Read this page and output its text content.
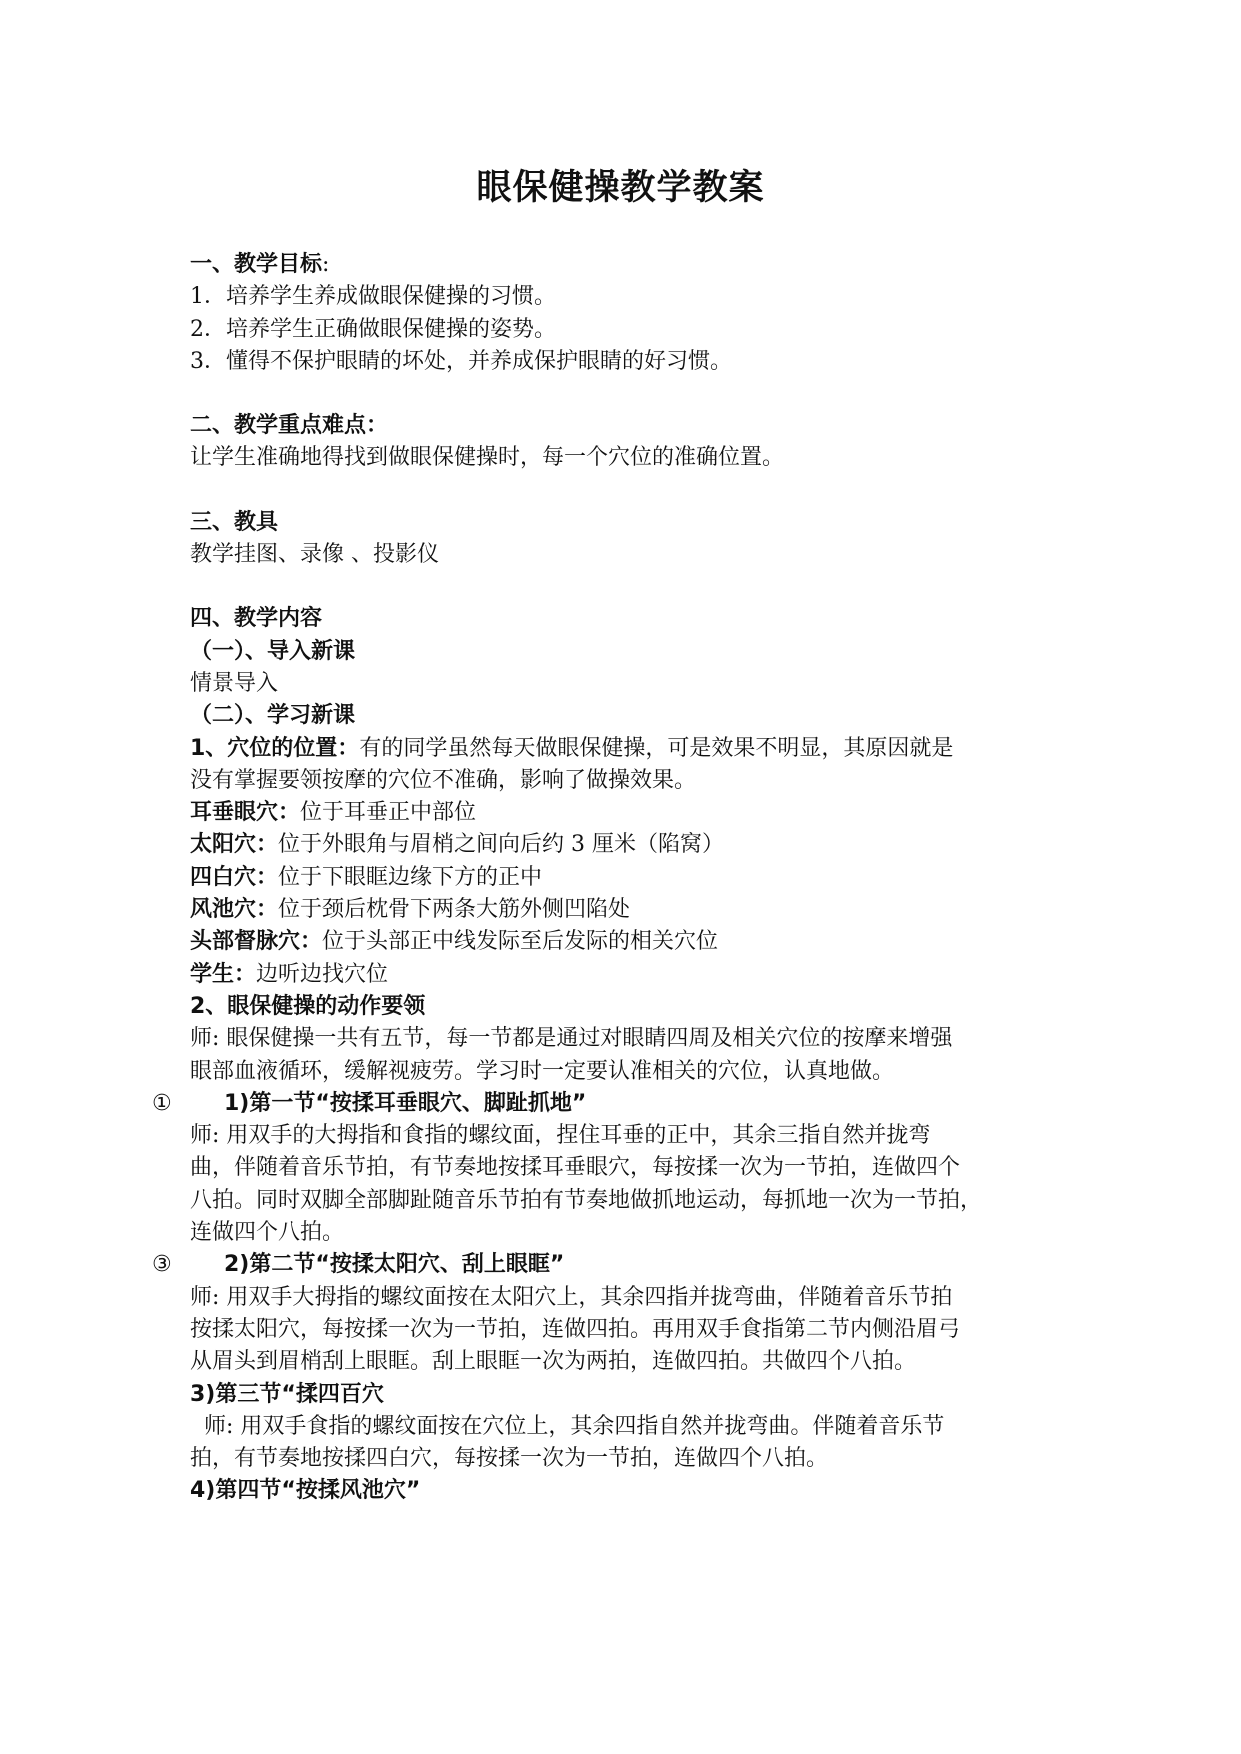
眼保健操教学教案

一、教学目标:

1．培养学生养成做眼保健操的习惯。

2．培养学生正确做眼保健操的姿势。

3．懂得不保护眼睛的坏处，并养成保护眼睛的好习惯。

二、教学重点难点：

让学生准确地得找到做眼保健操时，每一个穴位的准确位置。

三、教具

教学挂图、录像 、投影仪

四、教学内容

（一）、导入新课

情景导入

（二）、学习新课

1、穴位的位置：有的同学虽然每天做眼保健操，可是效果不明显，其原因就是

没有掌握要领按摩的穴位不准确，影响了做操效果。

耳垂眼穴：位于耳垂正中部位

太阳穴：位于外眼角与眉梢之间向后约 3 厘米（陷窝）

四白穴：位于下眼眶边缘下方的正中

风池穴：位于颈后枕骨下两条大筋外侧凹陷处

头部督脉穴：位于头部正中线发际至后发际的相关穴位

学生：边听边找穴位

2、眼保健操的动作要领

师: 眼保健操一共有五节，每一节都是通过对眼睛四周及相关穴位的按摩来增强

眼部血液循环，缓解视疲劳。学习时一定要认准相关的穴位，认真地做。

① 1)第一节“按揉耳垂眼穴、脚趾抓地”

师: 用双手的大拇指和食指的螺纹面，捏住耳垂的正中，其余三指自然并拢弯

曲，伴随着音乐节拍，有节奏地按揉耳垂眼穴，每按揉一次为一节拍，连做四个

八拍。同时双脚全部脚趾随音乐节拍有节奏地做抓地运动，每抓地一次为一节拍，

连做四个八拍。

③ 2)第二节“按揉太阳穴、刮上眼眶”

师: 用双手大拇指的螺纹面按在太阳穴上，其余四指并拢弯曲，伴随着音乐节拍

按揉太阳穴，每按揉一次为一节拍，连做四拍。再用双手食指第二节内侧沿眉弓

从眉头到眉梢刮上眼眶。刮上眼眶一次为两拍，连做四拍。共做四个八拍。

3)第三节“揉四百穴

师: 用双手食指的螺纹面按在穴位上，其余四指自然并拢弯曲。伴随着音乐节

拍，有节奏地按揉四白穴，每按揉一次为一节拍，连做四个八拍。

4)第四节“按揉风池穴”
